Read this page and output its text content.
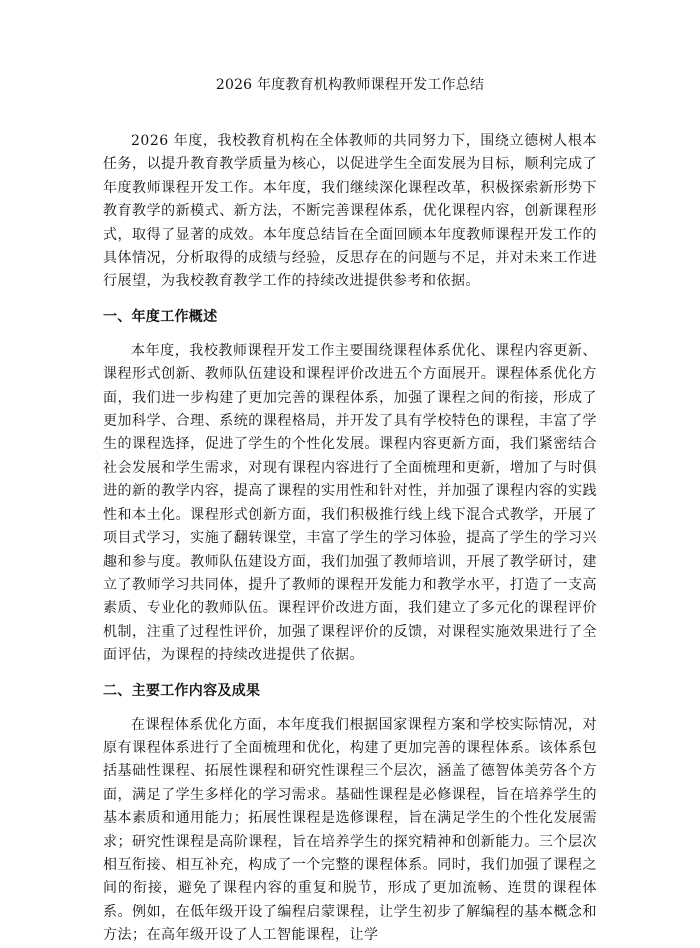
2026 年度教育机构教师课程开发工作总结

2026 年度，我校教育机构在全体教师的共同努力下，围绕立德树人根本任务，以提升教育教学质量为核心，以促进学生全面发展为目标，顺利完成了年度教师课程开发工作。本年度，我们继续深化课程改革，积极探索新形势下教育教学的新模式、新方法，不断完善课程体系，优化课程内容，创新课程形式，取得了显著的成效。本年度总结旨在全面回顾本年度教师课程开发工作的具体情况，分析取得的成绩与经验，反思存在的问题与不足，并对未来工作进行展望，为我校教育教学工作的持续改进提供参考和依据。

一、年度工作概述

本年度，我校教师课程开发工作主要围绕课程体系优化、课程内容更新、课程形式创新、教师队伍建设和课程评价改进五个方面展开。课程体系优化方面，我们进一步构建了更加完善的课程体系，加强了课程之间的衔接，形成了更加科学、合理、系统的课程格局，并开发了具有学校特色的课程，丰富了学生的课程选择，促进了学生的个性化发展。课程内容更新方面，我们紧密结合社会发展和学生需求，对现有课程内容进行了全面梳理和更新，增加了与时俱进的新的教学内容，提高了课程的实用性和针对性，并加强了课程内容的实践性和本土化。课程形式创新方面，我们积极推行线上线下混合式教学，开展了项目式学习，实施了翻转课堂，丰富了学生的学习体验，提高了学生的学习兴趣和参与度。教师队伍建设方面，我们加强了教师培训，开展了教学研讨，建立了教师学习共同体，提升了教师的课程开发能力和教学水平，打造了一支高素质、专业化的教师队伍。课程评价改进方面，我们建立了多元化的课程评价机制，注重了过程性评价，加强了课程评价的反馈，对课程实施效果进行了全面评估，为课程的持续改进提供了依据。

二、主要工作内容及成果

在课程体系优化方面，本年度我们根据国家课程方案和学校实际情况，对原有课程体系进行了全面梳理和优化，构建了更加完善的课程体系。该体系包括基础性课程、拓展性课程和研究性课程三个层次，涵盖了德智体美劳各个方面，满足了学生多样化的学习需求。基础性课程是必修课程，旨在培养学生的基本素质和通用能力；拓展性课程是选修课程，旨在满足学生的个性化发展需求；研究性课程是高阶课程，旨在培养学生的探究精神和创新能力。三个层次相互衔接、相互补充，构成了一个完整的课程体系。同时，我们加强了课程之间的衔接，避免了课程内容的重复和脱节，形成了更加流畅、连贯的课程体系。例如，在低年级开设了编程启蒙课程，让学生初步了解编程的基本概念和方法；在高年级开设了人工智能课程，让学
